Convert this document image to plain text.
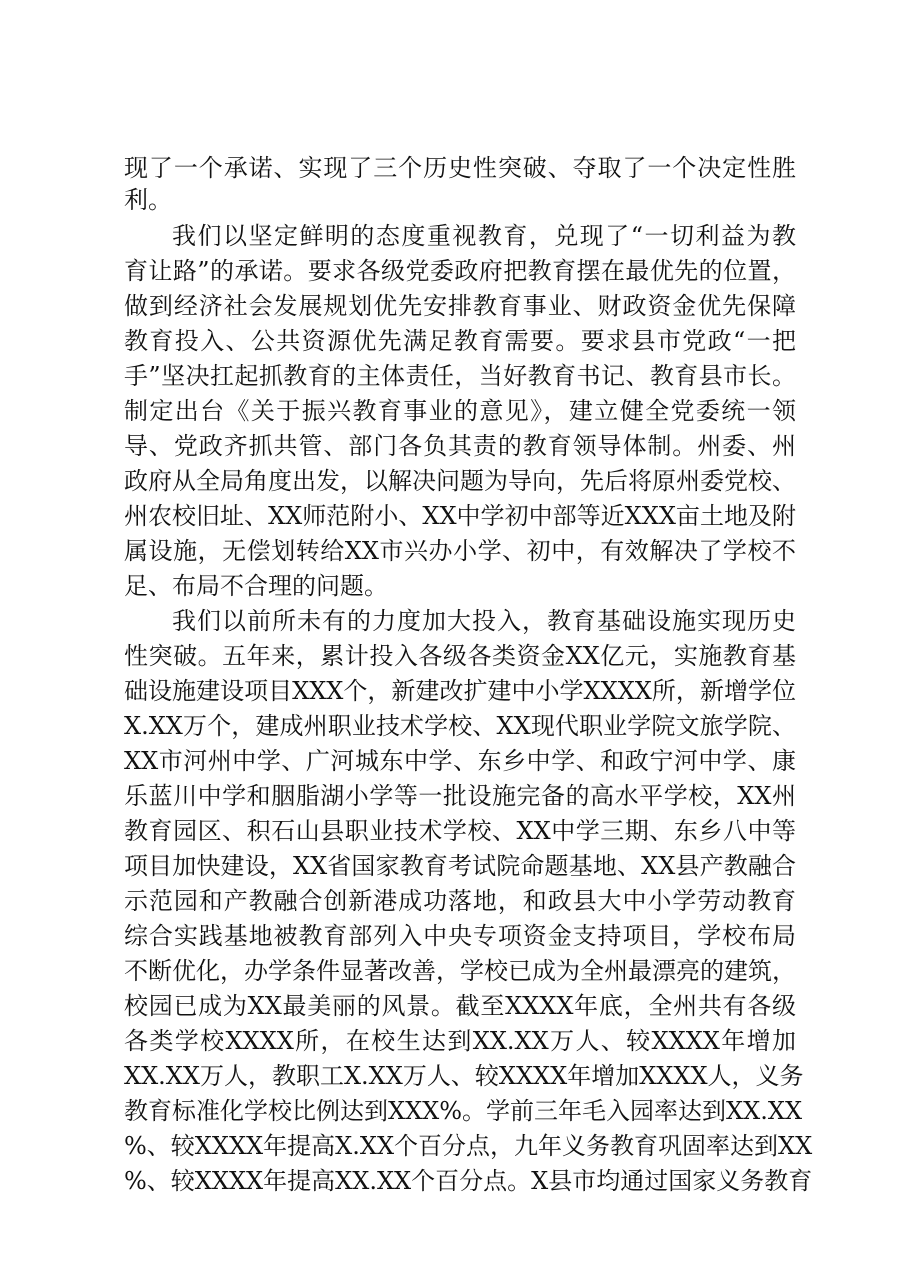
现了一个承诺、实现了三个历史性突破、夺取了一个决定性胜
利。
我们以坚定鲜明的态度重视教育，兑现了“一切利益为教
育让路”的承诺。要求各级党委政府把教育摆在最优先的位置，
做到经济社会发展规划优先安排教育事业、财政资金优先保障
教育投入、公共资源优先满足教育需要。要求县市党政“一把
手”坚决扛起抓教育的主体责任，当好教育书记、教育县市长。
制定出台《关于振兴教育事业的意见》，建立健全党委统一领
导、党政齐抓共管、部门各负其责的教育领导体制。州委、州
政府从全局角度出发，以解决问题为导向，先后将原州委党校、
州农校旧址、XX师范附小、XX中学初中部等近XXX亩土地及附
属设施，无偿划转给XX市兴办小学、初中，有效解决了学校不
足、布局不合理的问题。
我们以前所未有的力度加大投入，教育基础设施实现历史
性突破。五年来，累计投入各级各类资金XX亿元，实施教育基
础设施建设项目XXX个，新建改扩建中小学XXXX所，新增学位
X.XX万个，建成州职业技术学校、XX现代职业学院文旅学院、
XX市河州中学、广河城东中学、东乡中学、和政宁河中学、康
乐蓝川中学和胭脂湖小学等一批设施完备的高水平学校，XX州
教育园区、积石山县职业技术学校、XX中学三期、东乡八中等
项目加快建设，XX省国家教育考试院命题基地、XX县产教融合
示范园和产教融合创新港成功落地，和政县大中小学劳动教育
综合实践基地被教育部列入中央专项资金支持项目，学校布局
不断优化，办学条件显著改善，学校已成为全州最漂亮的建筑，
校园已成为XX最美丽的风景。截至XXXX年底，全州共有各级
各类学校XXXX所，在校生达到XX.XX万人、较XXXX年增加
XX.XX万人，教职工X.XX万人、较XXXX年增加XXXX人，义务
教育标准化学校比例达到XXX%。学前三年毛入园率达到XX.XX
%、较XXXX年提高X.XX个百分点，九年义务教育巩固率达到XX
%、较XXXX年提高XX.XX个百分点。X县市均通过国家义务教育
